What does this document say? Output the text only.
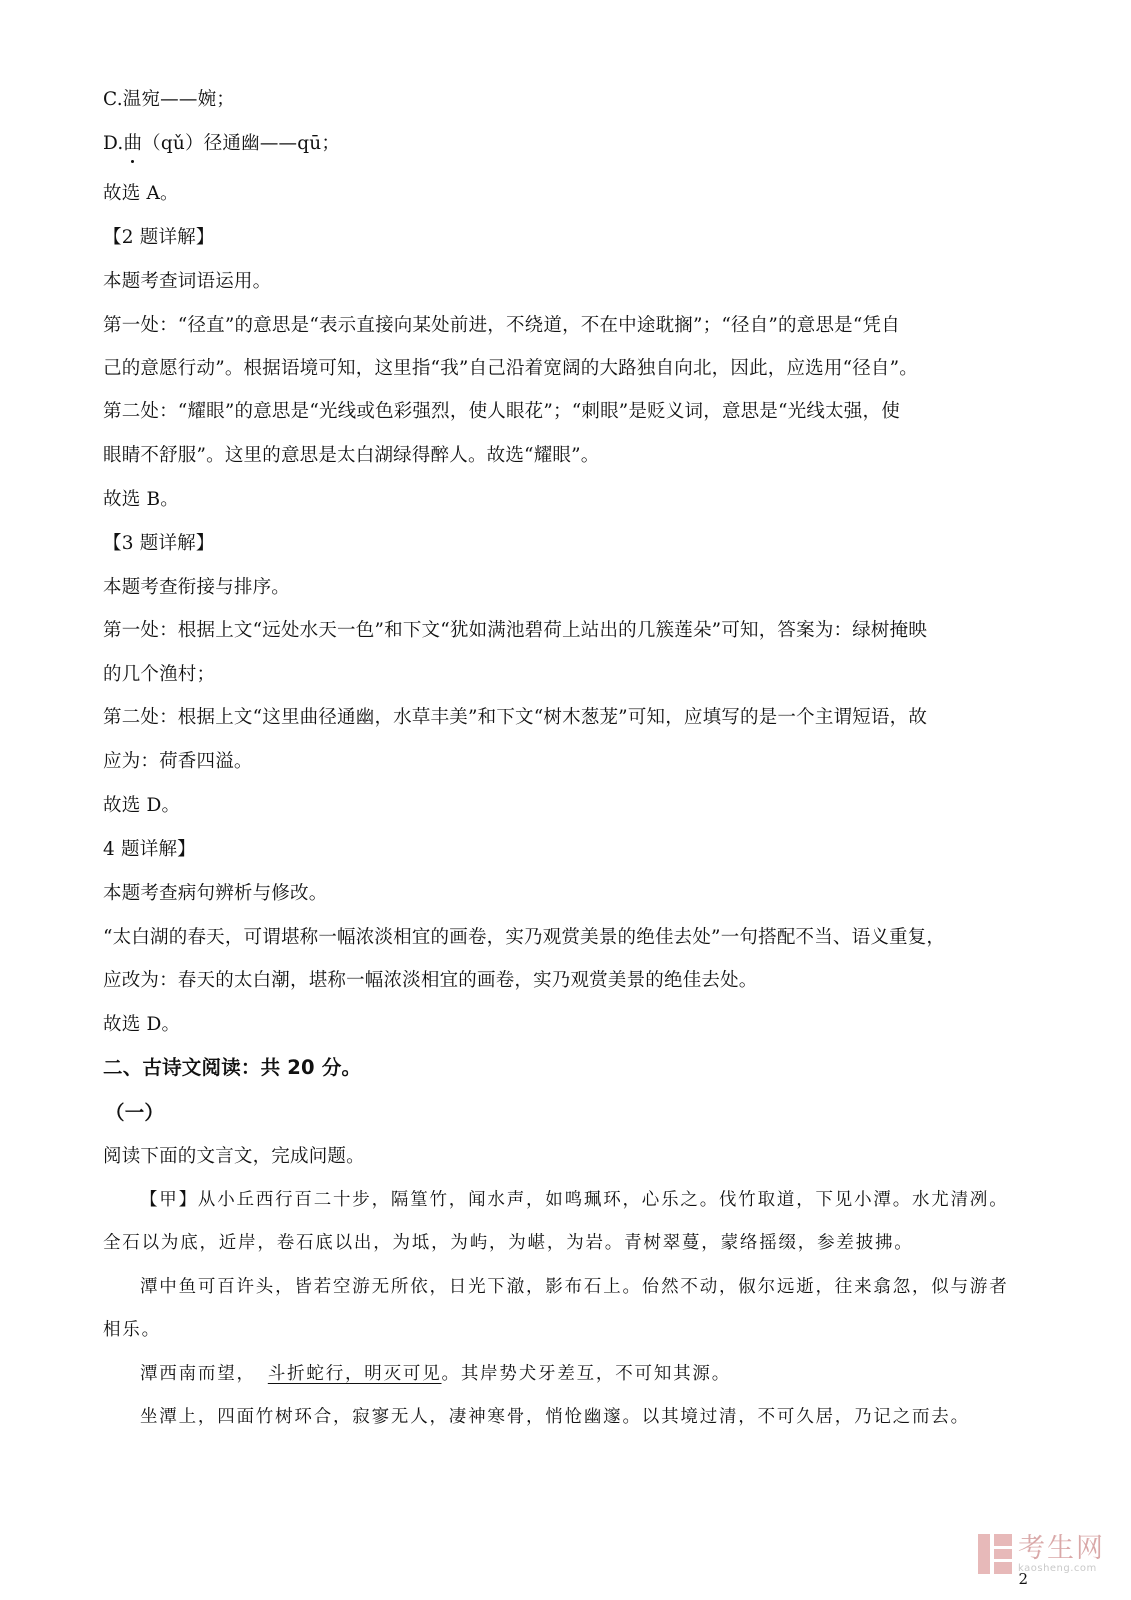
C.温宛——婉；
D.曲（qǔ）径通幽——qū；
故选 A。
【2 题详解】
本题考查词语运用。
第一处：“径直”的意思是“表示直接向某处前进，不绕道，不在中途耽搁”；“径自”的意思是“凭自
己的意愿行动”。根据语境可知，这里指“我”自己沿着宽阔的大路独自向北，因此，应选用“径自”。
第二处：“耀眼”的意思是“光线或色彩强烈，使人眼花”；“刺眼”是贬义词，意思是“光线太强，使
眼睛不舒服”。这里的意思是太白湖绿得醉人。故选“耀眼”。
故选 B。
【3 题详解】
本题考查衔接与排序。
第一处：根据上文“远处水天一色”和下文“犹如满池碧荷上站出的几簇莲朵”可知，答案为：绿树掩映
的几个渔村；
第二处：根据上文“这里曲径通幽，水草丰美”和下文“树木葱茏”可知，应填写的是一个主谓短语，故
应为：荷香四溢。
故选 D。
4 题详解】
本题考查病句辨析与修改。
“太白湖的春天，可谓堪称一幅浓淡相宜的画卷，实乃观赏美景的绝佳去处”一句搭配不当、语义重复，
应改为：春天的太白潮，堪称一幅浓淡相宜的画卷，实乃观赏美景的绝佳去处。
故选 D。
二、古诗文阅读：共 20 分。
（一）
阅读下面的文言文，完成问题。
【甲】从小丘西行百二十步，隔篁竹，闻水声，如鸣珮环，心乐之。伐竹取道，下见小潭。水尤清冽。
全石以为底，近岸，卷石底以出，为坻，为屿，为嵁，为岩。青树翠蔓，蒙络摇缀，参差披拂。
潭中鱼可百许头，皆若空游无所依，日光下澈，影布石上。佁然不动，俶尔远逝，往来翕忽，似与游者
相乐。
潭西南而望， 斗折蛇行，明灭可见。其岸势犬牙差互，不可知其源。
坐潭上，四面竹树环合，寂寥无人，凄神寒骨，悄怆幽邃。以其境过清，不可久居，乃记之而去。
考生网
kaosheng.com
2
